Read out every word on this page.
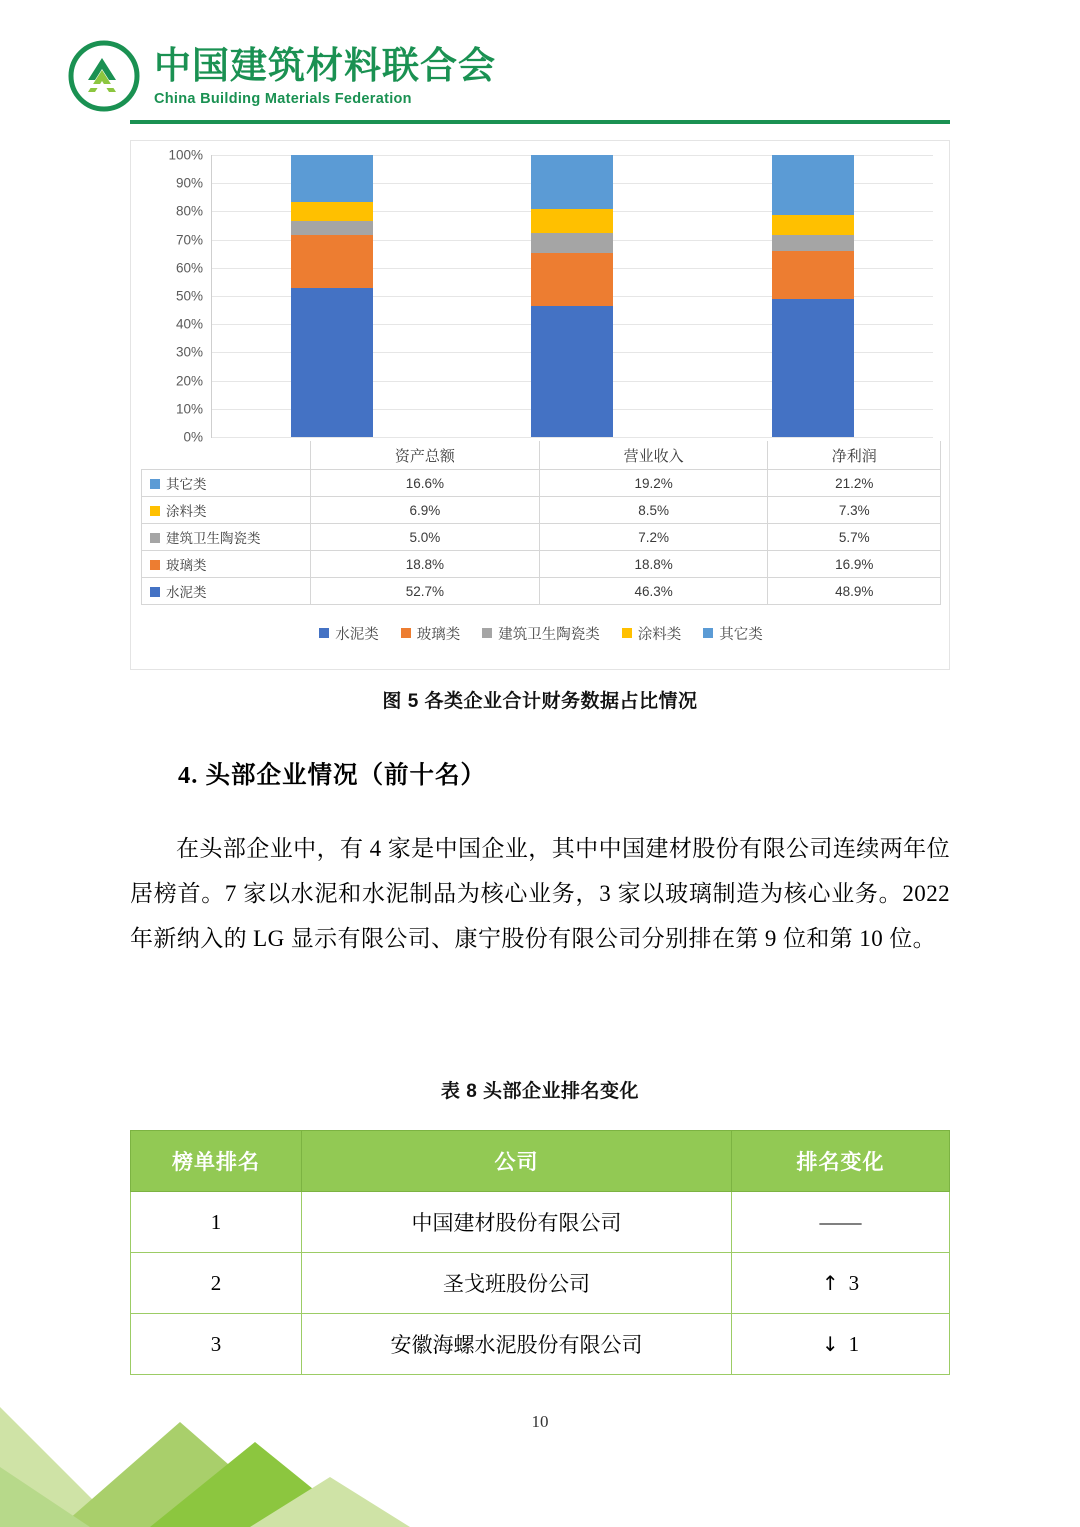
中国建筑材料联合会
China Building Materials Federation
100%
90%
80%
70%
60%
50%
40%
30%
20%
10%
0%
	资产总额	营业收入	净利润
其它类	16.6%	19.2%	21.2%
涂料类	6.9%	8.5%	7.3%
建筑卫生陶瓷类	5.0%	7.2%	5.7%
玻璃类	18.8%	18.8%	16.9%
水泥类	52.7%	46.3%	48.9%
水泥类	玻璃类	建筑卫生陶瓷类	涂料类	其它类
图 5 各类企业合计财务数据占比情况
4. 头部企业情况（前十名）
在头部企业中，有 4 家是中国企业，其中中国建材股份有限公司连续两年位居榜首。7 家以水泥和水泥制品为核心业务，3 家以玻璃制造为核心业务。2022 年新纳入的 LG 显示有限公司、康宁股份有限公司分别排在第 9 位和第 10 位。
表 8 头部企业排名变化
榜单排名	公司	排名变化
1	中国建材股份有限公司	——
2	圣戈班股份公司	↑ 3
3	安徽海螺水泥股份有限公司	↓ 1
10
